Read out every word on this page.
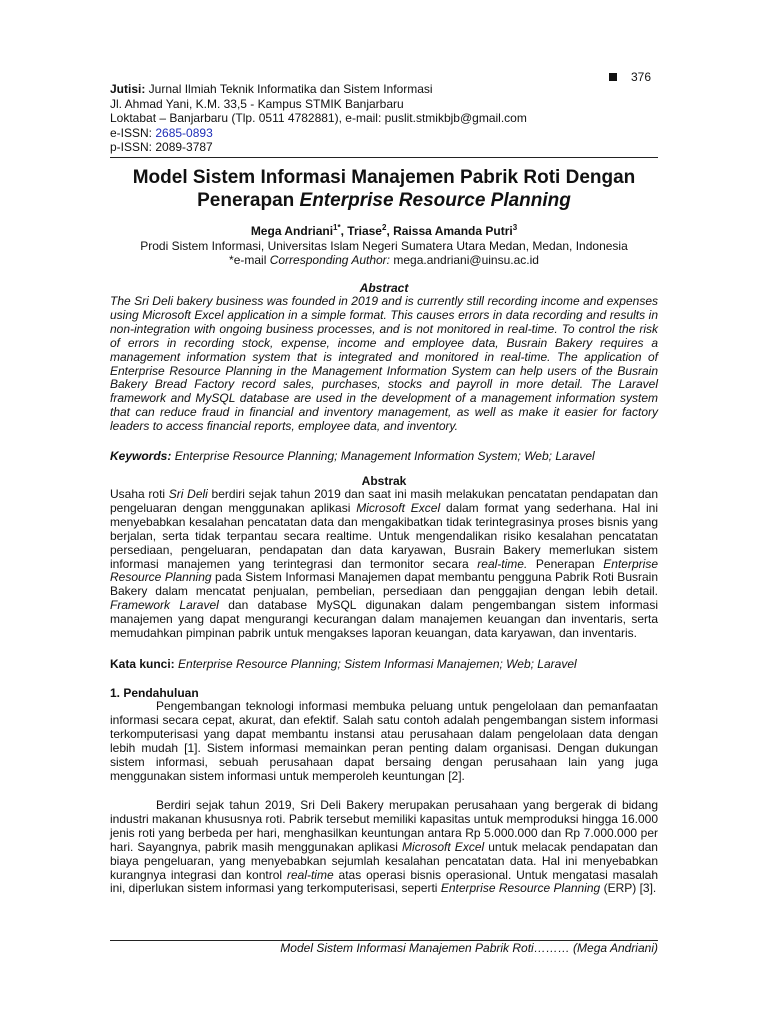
376
Jutisi: Jurnal Ilmiah Teknik Informatika dan Sistem Informasi
Jl. Ahmad Yani, K.M. 33,5 - Kampus STMIK Banjarbaru
Loktabat – Banjarbaru (Tlp. 0511 4782881), e-mail: puslit.stmikbjb@gmail.com
e-ISSN: 2685-0893
p-ISSN: 2089-3787
Model Sistem Informasi Manajemen Pabrik Roti Dengan
Penerapan Enterprise Resource Planning
Mega Andriani$^{1*}$, Triase$^2$, Raissa Amanda Putri$^3$
Prodi Sistem Informasi, Universitas Islam Negeri Sumatera Utara Medan, Medan, Indonesia
*e-mail Corresponding Author: mega.andriani@uinsu.ac.id
Abstract
The Sri Deli bakery business was founded in 2019 and is currently still recording income and expenses using Microsoft Excel application in a simple format. This causes errors in data recording and results in non-integration with ongoing business processes, and is not monitored in real-time. To control the risk of errors in recording stock, expense, income and employee data, Busrain Bakery requires a management information system that is integrated and monitored in real-time. The application of Enterprise Resource Planning in the Management Information System can help users of the Busrain Bakery Bread Factory record sales, purchases, stocks and payroll in more detail. The Laravel framework and MySQL database are used in the development of a management information system that can reduce fraud in financial and inventory management, as well as make it easier for factory leaders to access financial reports, employee data, and inventory.
Keywords: Enterprise Resource Planning; Management Information System; Web; Laravel
Abstrak
Usaha roti Sri Deli berdiri sejak tahun 2019 dan saat ini masih melakukan pencatatan pendapatan dan pengeluaran dengan menggunakan aplikasi Microsoft Excel dalam format yang sederhana. Hal ini menyebabkan kesalahan pencatatan data dan mengakibatkan tidak terintegrasinya proses bisnis yang berjalan, serta tidak terpantau secara realtime. Untuk mengendalikan risiko kesalahan pencatatan persediaan, pengeluaran, pendapatan dan data karyawan, Busrain Bakery memerlukan sistem informasi manajemen yang terintegrasi dan termonitor secara real-time. Penerapan Enterprise Resource Planning pada Sistem Informasi Manajemen dapat membantu pengguna Pabrik Roti Busrain Bakery dalam mencatat penjualan, pembelian, persediaan dan penggajian dengan lebih detail. Framework Laravel dan database MySQL digunakan dalam pengembangan sistem informasi manajemen yang dapat mengurangi kecurangan dalam manajemen keuangan dan inventaris, serta memudahkan pimpinan pabrik untuk mengakses laporan keuangan, data karyawan, dan inventaris.
Kata kunci: Enterprise Resource Planning; Sistem Informasi Manajemen; Web; Laravel
1. Pendahuluan
Pengembangan teknologi informasi membuka peluang untuk pengelolaan dan pemanfaatan informasi secara cepat, akurat, dan efektif. Salah satu contoh adalah pengembangan sistem informasi terkomputerisasi yang dapat membantu instansi atau perusahaan dalam pengelolaan data dengan lebih mudah [1]. Sistem informasi memainkan peran penting dalam organisasi. Dengan dukungan sistem informasi, sebuah perusahaan dapat bersaing dengan perusahaan lain yang juga menggunakan sistem informasi untuk memperoleh keuntungan [2].
Berdiri sejak tahun 2019, Sri Deli Bakery merupakan perusahaan yang bergerak di bidang industri makanan khususnya roti. Pabrik tersebut memiliki kapasitas untuk memproduksi hingga 16.000 jenis roti yang berbeda per hari, menghasilkan keuntungan antara Rp 5.000.000 dan Rp 7.000.000 per hari. Sayangnya, pabrik masih menggunakan aplikasi Microsoft Excel untuk melacak pendapatan dan biaya pengeluaran, yang menyebabkan sejumlah kesalahan pencatatan data. Hal ini menyebabkan kurangnya integrasi dan kontrol real-time atas operasi bisnis operasional. Untuk mengatasi masalah ini, diperlukan sistem informasi yang terkomputerisasi, seperti Enterprise Resource Planning (ERP) [3].
Model Sistem Informasi Manajemen Pabrik Roti……… (Mega Andriani)
